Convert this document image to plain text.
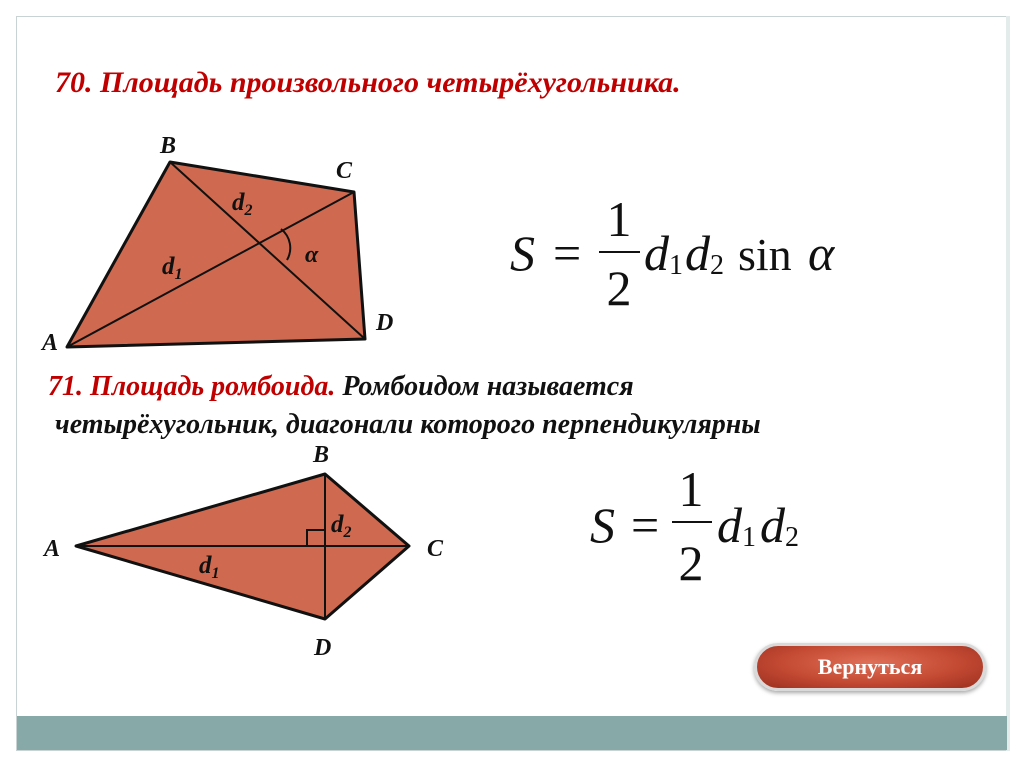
70. Площадь произвольного четырёхугольника.

71. Площадь ромбоида. Ромбоидом называется
четырёхугольник, диагонали которого перпендикулярны

A
B
C
D
$d_1$
$d_2$
α	S =
1
2
d1 d2 sin α
A
B
C
D
$d_1$
$d_2$	S =
1
2
d1 d2
Вернуться
